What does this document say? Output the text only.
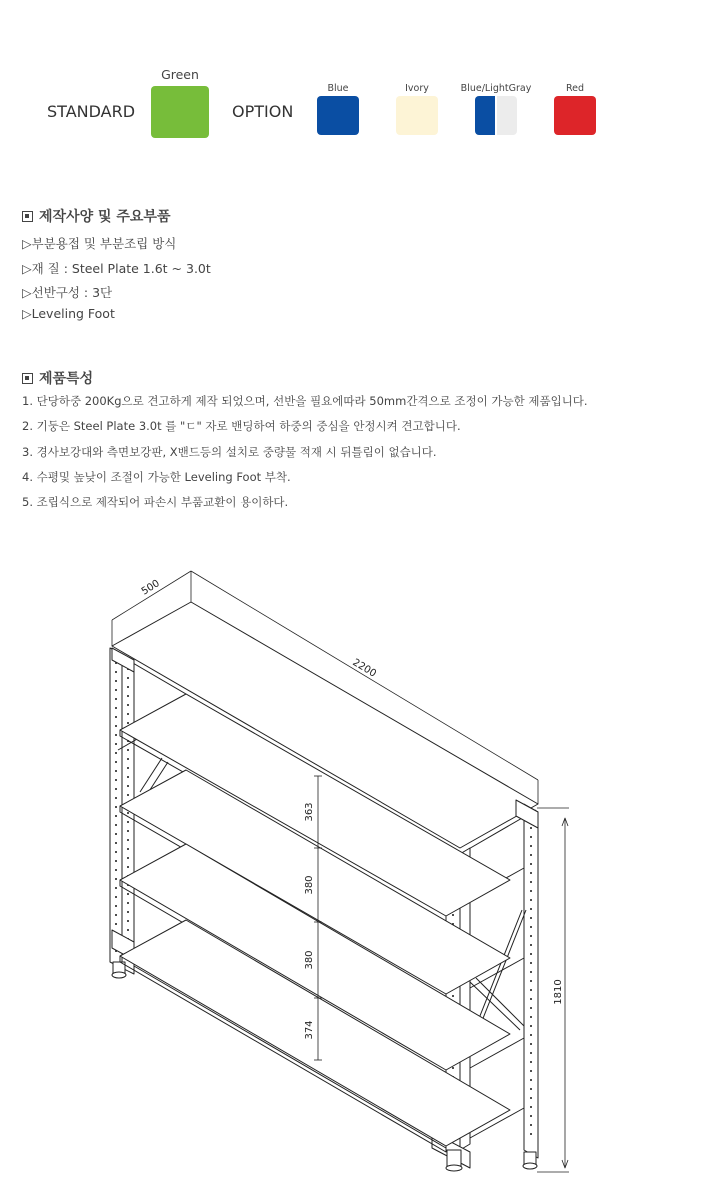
STANDARD
Green
OPTION
Blue	Ivory	Blue/LightGray	Red
제작사양 및 주요부품
▷부분용접 및 부분조립 방식
▷재 질 : Steel Plate 1.6t ~ 3.0t
▷선반구성 : 3단
▷Leveling Foot
제품특성
1. 단당하중 200Kg으로 견고하게 제작 되었으며, 선반을 필요에따라 50mm간격으로 조정이 가능한 제품입니다.
2. 기둥은 Steel Plate 3.0t 를 "ㄷ" 자로 밴딩하여 하중의 중심을 안정시켜 견고합니다.
3. 경사보강대와 측면보강판, X밴드등의 설치로 중량물 적재 시 뒤틀림이 없습니다.
4. 수평및 높낮이 조절이 가능한 Leveling Foot 부착.
5. 조립식으로 제작되어 파손시 부품교환이 용이하다.
500
2200
1810
363
380
380
374
